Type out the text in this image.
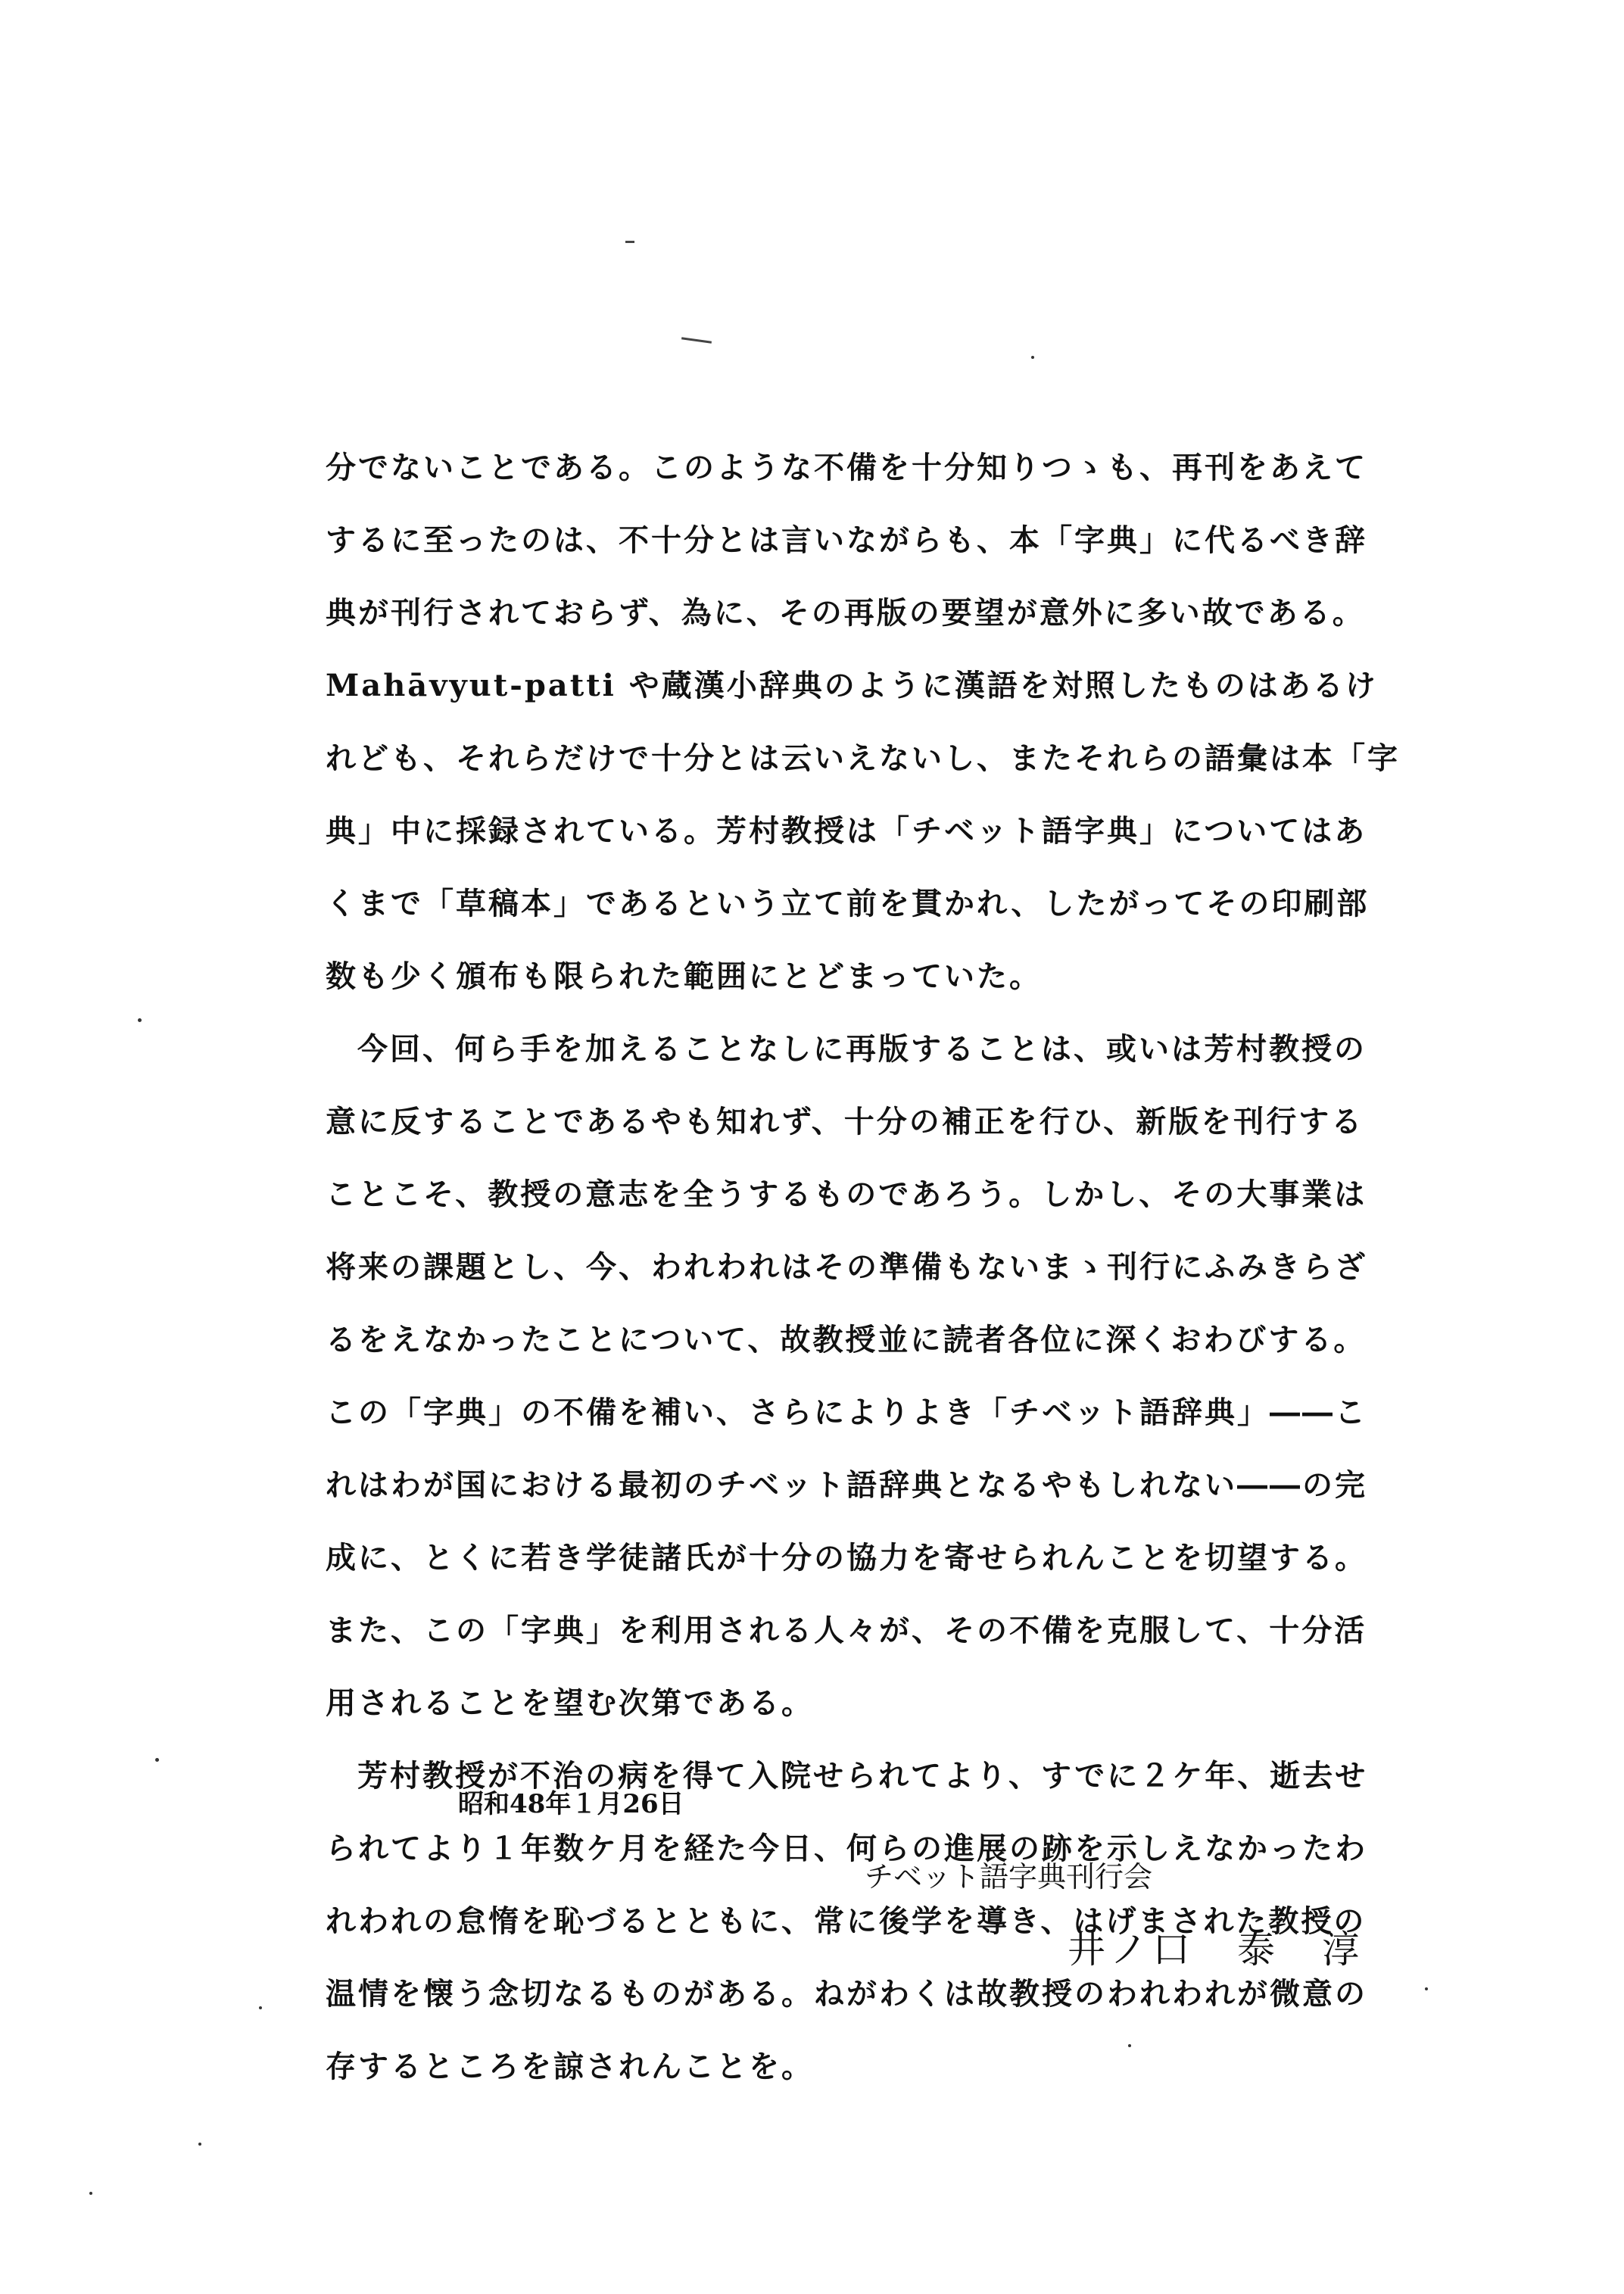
分でないことである。このような不備を十分知りつゝも、再刊をあえて
するに至ったのは、不十分とは言いながらも、本「字典」に代るべき辞
典が刊行されておらず、為に、その再版の要望が意外に多い故である。
Mahāvyut-patti や蔵漢小辞典のように漢語を対照したものはあるけ
れども、それらだけで十分とは云いえないし、またそれらの語彙は本「字
典」中に採録されている。芳村教授は「チベット語字典」についてはあ
くまで「草稿本」であるという立て前を貫かれ、したがってその印刷部
数も少く頒布も限られた範囲にとどまっていた。
今回、何ら手を加えることなしに再版することは、或いは芳村教授の
意に反することであるやも知れず、十分の補正を行ひ、新版を刊行する
ことこそ、教授の意志を全うするものであろう。しかし、その大事業は
将来の課題とし、今、われわれはその準備もないまゝ刊行にふみきらざ
るをえなかったことについて、故教授並に読者各位に深くおわびする。
この「字典」の不備を補い、さらによりよき「チベット語辞典」――こ
れはわが国における最初のチベット語辞典となるやもしれない――の完
成に、とくに若き学徒諸氏が十分の協力を寄せられんことを切望する。
また、この「字典」を利用される人々が、その不備を克服して、十分活
用されることを望む次第である。
芳村教授が不治の病を得て入院せられてより、すでに２ケ年、逝去せ
られてより１年数ケ月を経た今日、何らの進展の跡を示しえなかったわ
れわれの怠惰を恥づるとともに、常に後学を導き、はげまされた教授の
温情を懐う念切なるものがある。ねがわくは故教授のわれわれが微意の
存するところを諒されんことを。
昭和48年１月26日
チベット語字典刊行会
井ノ口　泰　淳
